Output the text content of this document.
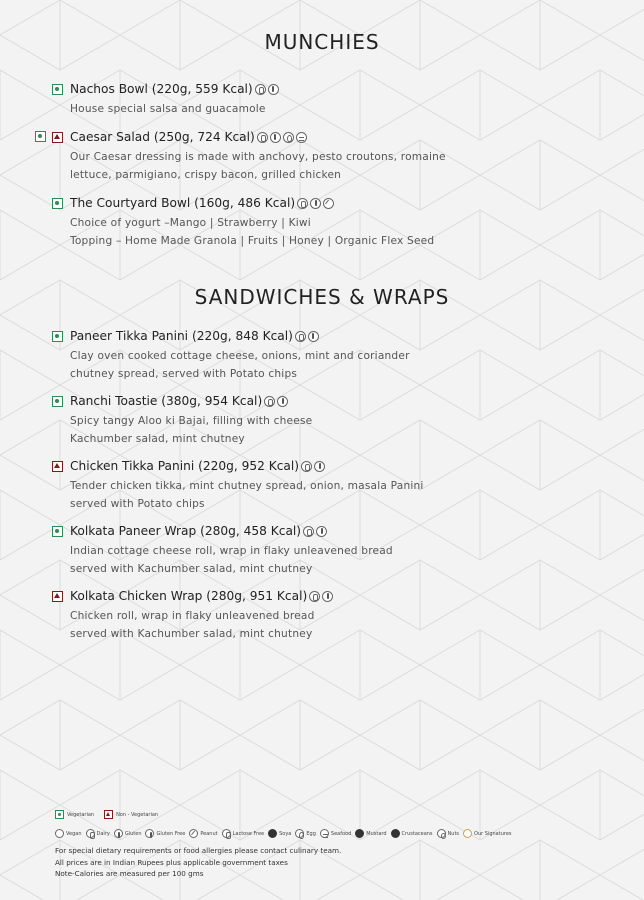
MUNCHIES
Nachos Bowl (220g, 559 Kcal)
House special salsa and guacamole
Caesar Salad (250g, 724 Kcal)
Our Caesar dressing is made with anchovy, pesto croutons, romaine
lettuce, parmigiano, crispy bacon, grilled chicken
The Courtyard Bowl (160g, 486 Kcal)
Choice of yogurt –Mango | Strawberry | Kiwi
Topping – Home Made Granola | Fruits | Honey | Organic Flex Seed
SANDWICHES & WRAPS
Paneer Tikka Panini (220g, 848 Kcal)
Clay oven cooked cottage cheese, onions, mint and coriander
chutney spread, served with Potato chips
Ranchi Toastie (380g, 954 Kcal)
Spicy tangy Aloo ki Bajai, filling with cheese
Kachumber salad, mint chutney
Chicken Tikka Panini (220g, 952 Kcal)
Tender chicken tikka, mint chutney spread, onion, masala Panini
served with Potato chips
Kolkata Paneer Wrap (280g, 458 Kcal)
Indian cottage cheese roll, wrap in flaky unleavened bread
served with Kachumber salad, mint chutney
Kolkata Chicken Wrap (280g, 951 Kcal)
Chicken roll, wrap in flaky unleavened bread
served with Kachumber salad, mint chutney
Vegetarian	Non - Vegetarian
Vegan	Dairy	Gluten	Gluten Free	Peanut	Lactose Free	Soya	Egg	Seafood	Mustard	Crustaceans	Nuts	Our Signatures
For special dietary requirements or food allergies please contact culinary team.
All prices are in Indian Rupees plus applicable government taxes
Note-Calories are measured per 100 gms
